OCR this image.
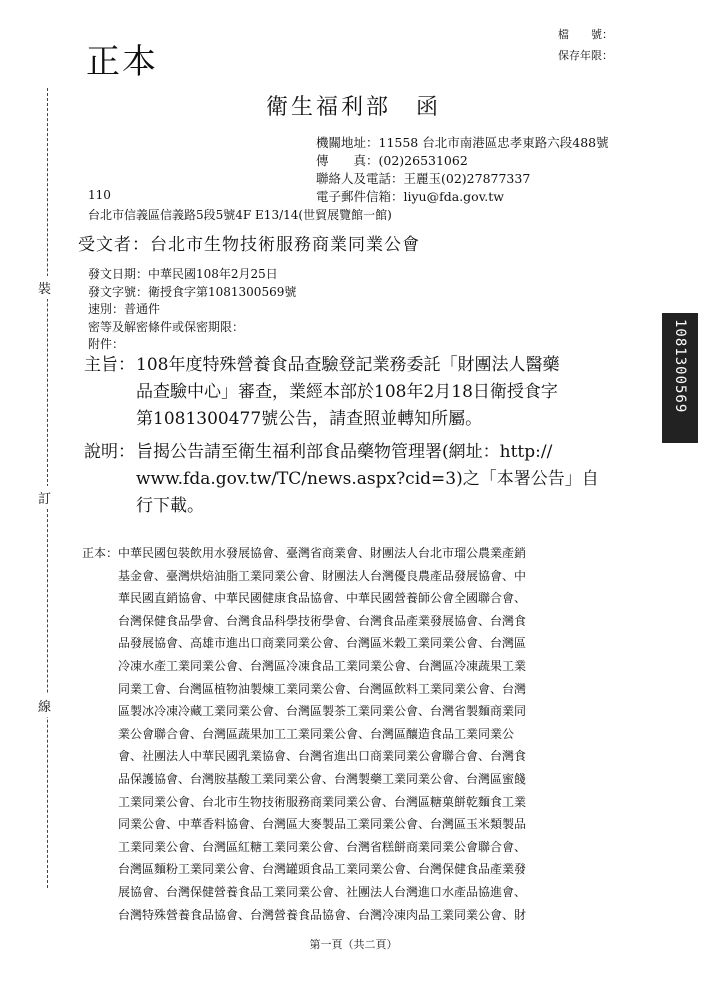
正本
檔　　號：
保存年限：
衛生福利部　函
機關地址：11558 台北市南港區忠孝東路六段488號
傳　　真：(02)26531062
聯絡人及電話：王麗玉(02)27877337
電子郵件信箱：liyu@fda.gov.tw
110
台北市信義區信義路5段5號4F E13/14(世貿展覽館一館)
受文者：台北市生物技術服務商業同業公會
發文日期：中華民國108年2月25日
發文字號：衛授食字第1081300569號
速別：普通件
密等及解密條件或保密期限：
附件：
主旨： 108年度特殊營養食品查驗登記業務委託「財團法人醫藥
品查驗中心」審查，業經本部於108年2月18日衛授食字
第1081300477號公告，請查照並轉知所屬。
說明： 旨揭公告請至衛生福利部食品藥物管理署(網址：http://
www.fda.gov.tw/TC/news.aspx?cid=3)之「本署公告」自
行下載。
正本： 中華民國包裝飲用水發展協會、臺灣省商業會、財團法人台北市瑠公農業產銷
基金會、臺灣烘焙油脂工業同業公會、財團法人台灣優良農產品發展協會、中
華民國直銷協會、中華民國健康食品協會、中華民國營養師公會全國聯合會、
台灣保健食品學會、台灣食品科學技術學會、台灣食品產業發展協會、台灣食
品發展協會、高雄市進出口商業同業公會、台灣區米穀工業同業公會、台灣區
冷凍水產工業同業公會、台灣區冷凍食品工業同業公會、台灣區冷凍蔬果工業
同業工會、台灣區植物油製煉工業同業公會、台灣區飲料工業同業公會、台灣
區製冰冷凍冷藏工業同業公會、台灣區製茶工業同業公會、台灣省製麵商業同
業公會聯合會、台灣區蔬果加工工業同業公會、台灣區釀造食品工業同業公
會、社團法人中華民國乳業協會、台灣省進出口商業同業公會聯合會、台灣食
品保護協會、台灣胺基酸工業同業公會、台灣製藥工業同業公會、台灣區蜜餞
工業同業公會、台北市生物技術服務商業同業公會、台灣區糖菓餅乾麵食工業
同業公會、中華香料協會、台灣區大麥製品工業同業公會、台灣區玉米類製品
工業同業公會、台灣區紅糖工業同業公會、台灣省糕餅商業同業公會聯合會、
台灣區麵粉工業同業公會、台灣罐頭食品工業同業公會、台灣保健食品產業發
展協會、台灣保健營養食品工業同業公會、社團法人台灣進口水產品協進會、
台灣特殊營養食品協會、台灣營養食品協會、台灣冷凍肉品工業同業公會、財
裝
訂
線
1081300569
第一頁（共二頁）
